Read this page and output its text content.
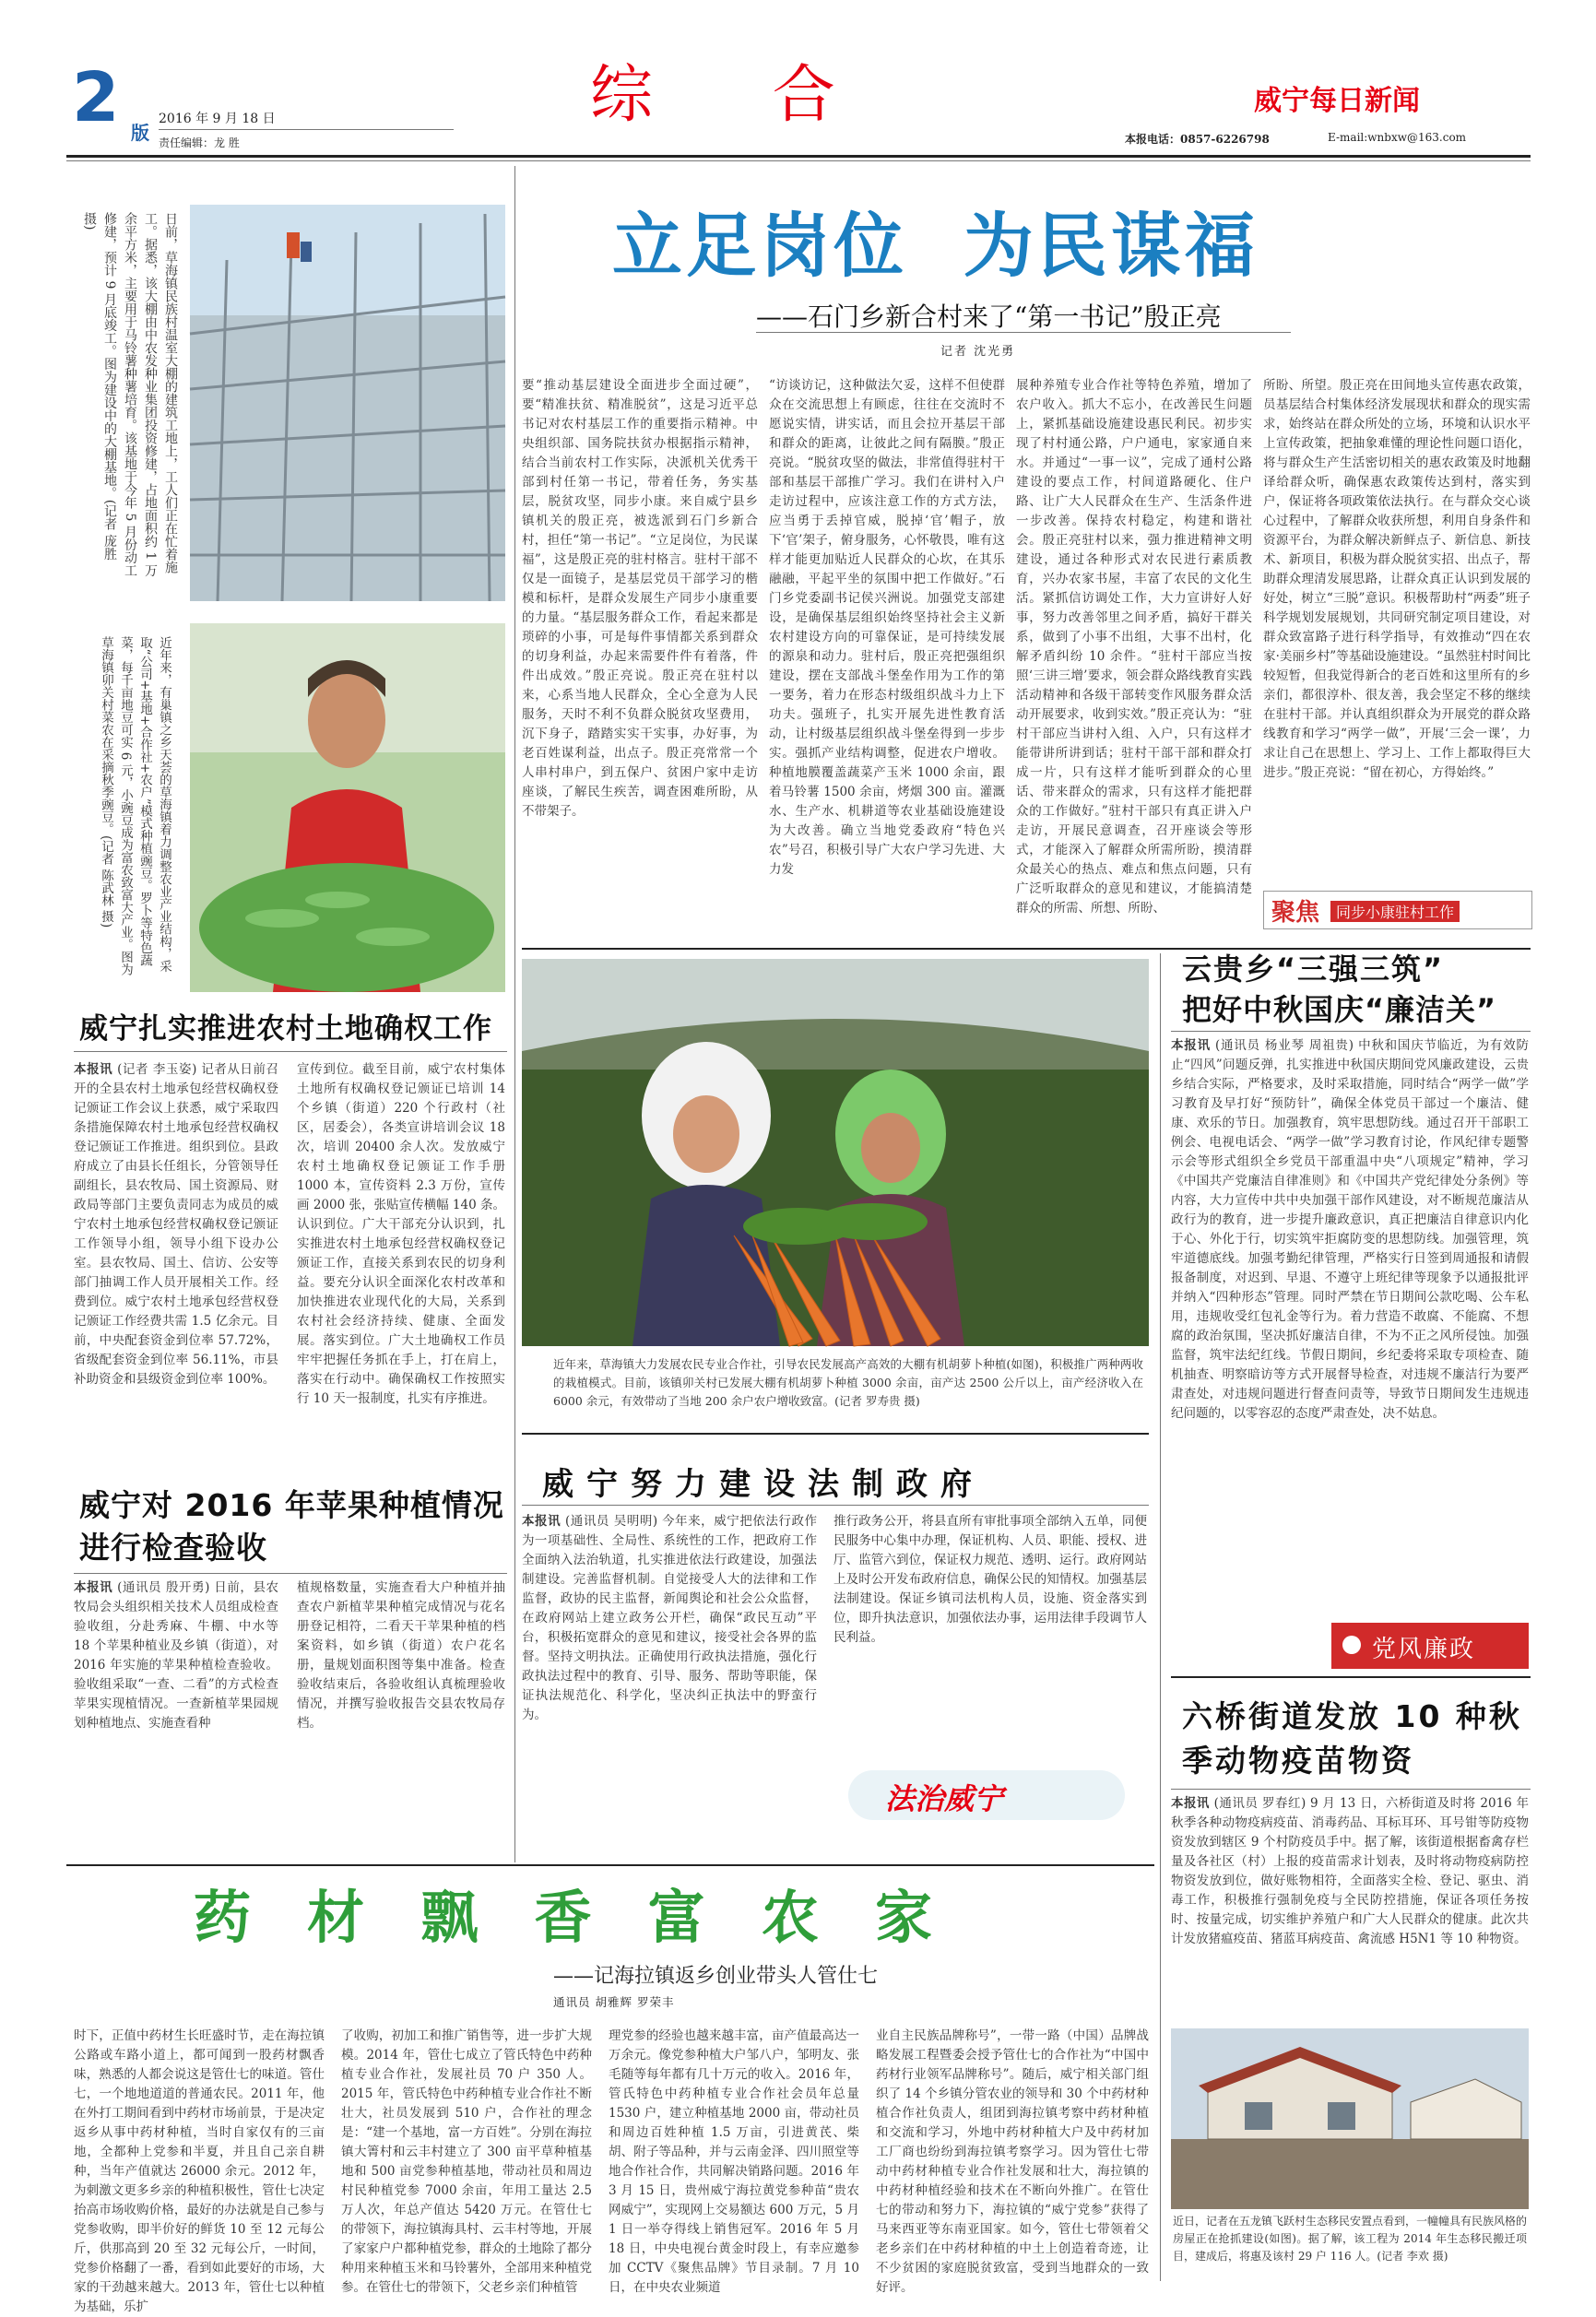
2 版
2016 年 9 月 18 日
责任编辑：龙 胜
综      合	威宁每日新闻
本报电话：0857-6226798	E-mail:wnbxw@163.com
日前，草海镇民族村温室大棚的建筑工地上，工人们正在忙着施工。据悉，该大棚由中农发种业集团投资修建，占地面积约 1 万余平方米，主要用于马铃薯种薯培育。该基地于今年 5 月份动工修建，预计 9 月底竣工。图为建设中的大棚基地。(记者 庞胜 摄)
近年来，有巢镇之乡天荟的草海镇着力调整农业产业结构，采取“公司+基地+合作社+农户”模式种植豌豆。罗卜等特色蔬菜，每千亩地豆可实 6 元，小豌豆成为富农致富大产业。图为草海镇卯关村菜农在采摘秋季豌豆。(记者 陈武林 摄)
立足岗位  为民谋福
——石门乡新合村来了“第一书记”殷正亮
记者 沈光勇
要“推动基层建设全面进步全面过硬”，要“精准扶贫、精准脱贫”，这是习近平总书记对农村基层工作的重要指示精神。中央组织部、国务院扶贫办根据指示精神，结合当前农村工作实际，决派机关优秀干部到村任第一书记，带着任务，务实基层，脱贫攻坚，同步小康。来自威宁县乡镇机关的殷正亮，被选派到石门乡新合村，担任“第一书记”。“立足岗位，为民谋福”，这是殷正亮的驻村格言。驻村干部不仅是一面镜子，是基层党员干部学习的楷模和标杆，是群众发展生产同步小康重要的力量。“基层服务群众工作，看起来都是琐碎的小事，可是每件事情都关系到群众的切身利益，办起来需要件件有着落，件件出成效。”殷正亮说。殷正亮在驻村以来，心系当地人民群众，全心全意为人民服务，天时不利不负群众脱贫攻坚费用，沉下身子，踏踏实实干实事，办好事，为老百姓谋利益，出点子。殷正亮常常一个人串村串户，到五保户、贫困户家中走访座谈，了解民生疾苦，调查困难所盼，从不带架子。
“访谈访记，这种做法欠妥，这样不但使群众在交流思想上有顾虑，往往在交流时不愿说实情，讲实话，而且会拉开基层干部和群众的距离，让彼此之间有隔膜。”殷正亮说。“脱贫攻坚的做法，非常值得驻村干部和基层干部推广学习。我们在讲村入户走访过程中，应该注意工作的方式方法，应当勇于丢掉官威，脱掉‘官’帽子，放下‘官’架子，俯身服务，心怀敬畏，唯有这样才能更加贴近人民群众的心坎，在其乐融融，平起平坐的氛围中把工作做好。”石门乡党委副书记侯兴洲说。加强党支部建设，是确保基层组织始终坚持社会主义新农村建设方向的可靠保证，是可持续发展的源泉和动力。驻村后，殷正亮把强组织建设，摆在支部战斗堡垒作用为工作的第一要务，着力在形态村级组织战斗力上下功夫。强班子，扎实开展先进性教育活动，让村级基层组织战斗堡垒得到一步步实。强抓产业结构调整，促进农户增收。种植地膜覆盖蔬菜产玉米 1000 余亩，跟着马铃薯 1500 余亩，烤烟 300 亩。灌溉水、生产水、机耕道等农业基础设施建设为大改善。确立当地党委政府“特色兴农”号召，积极引导广大农户学习先进、大力发
展种养殖专业合作社等特色养殖，增加了农户收入。抓大不忘小，在改善民生问题上，紧抓基础设施建设惠民利民。初步实现了村村通公路，户户通电，家家通自来水。并通过“一事一议”，完成了通村公路建设的要点工作，村间道路硬化、住户路、让广大人民群众在生产、生活条件进一步改善。保持农村稳定，构建和谐社会。殷正亮驻村以来，强力推进精神文明建设，通过各种形式对农民进行素质教育，兴办农家书屋，丰富了农民的文化生活。紧抓信访调处工作，大力宣讲好人好事，努力改善邻里之间矛盾，搞好干群关系，做到了小事不出组，大事不出村，化解矛盾纠纷 10 余件。“驻村干部应当按照‘三讲三增’要求，领会群众路线教育实践活动精神和各级干部转变作风服务群众活动开展要求，收到实效。”殷正亮认为：“驻村干部应当讲村入组、入户，只有这样才能带讲所讲到话；驻村干部干部和群众打成一片，只有这样才能听到群众的心里话、带来群众的需求，只有这样才能把群众的工作做好。”驻村干部只有真正讲入户走访，开展民意调查，召开座谈会等形式，才能深入了解群众所需所盼，摸清群众最关心的热点、难点和焦点问题，只有广泛听取群众的意见和建议，才能搞清楚群众的所需、所想、所盼、
所盼、所望。殷正亮在田间地头宣传惠农政策，员基层结合村集体经济发展现状和群众的现实需求，始终站在群众所处的立场，环境和认识水平上宣传政策，把抽象难懂的理论性问题口语化，将与群众生产生活密切相关的惠农政策及时地翻译给群众听，确保惠农政策传达到村，落实到户，保证将各项政策依法执行。在与群众交心谈心过程中，了解群众收获所想，利用自身条件和资源平台，为群众解决新鲜点子、新信息、新技术、新项目，积极为群众脱贫实招、出点子，帮助群众理清发展思路，让群众真正认识到发展的好处，树立“三脱”意识。积极帮助村“两委”班子科学规划发展规划，共同研究制定项目建设，对群众致富路子进行科学指导，有效推动“四在农家·美丽乡村”等基础设施建设。“虽然驻村时间比较短暂，但我觉得新合的老百姓和这里所有的乡亲们，都很淳朴、很友善，我会坚定不移的继续在驻村干部。并认真组织群众为开展党的群众路线教育和学习“两学一做”，开展‘三会一课’，力求让自己在思想上、学习上、工作上都取得巨大进步。”殷正亮说：“留在初心，方得始终。”
聚焦	同步小康驻村工作
威宁扎实推进农村土地确权工作
本报讯 (记者 李玉姿) 记者从日前召开的全县农村土地承包经营权确权登记颁证工作会议上获悉，威宁采取四条措施保障农村土地承包经营权确权登记颁证工作推进。组织到位。县政府成立了由县长任组长，分管领导任副组长，县农牧局、国土资源局、财政局等部门主要负责同志为成员的威宁农村土地承包经营权确权登记颁证工作领导小组，领导小组下设办公室。县农牧局、国土、信访、公安等部门抽调工作人员开展相关工作。经费到位。威宁农村土地承包经营权登记颁证工作经费共需 1.5 亿余元。目前，中央配套资金到位率 57.72%，省级配套资金到位率 56.11%，市县补助资金和县级资金到位率 100%。
宣传到位。截至目前，威宁农村集体土地所有权确权登记颁证已培训 14 个乡镇（街道）220 个行政村（社区，居委会），各类宣讲培训会议 18 次，培训 20400 余人次。发放威宁农村土地确权登记颁证工作手册 1000 本，宣传资料 2.3 万份，宣传画 2000 张，张贴宣传横幅 140 条。认识到位。广大干部充分认识到，扎实推进农村土地承包经营权确权登记颁证工作，直接关系到农民的切身利益。要充分认识全面深化农村改革和加快推进农业现代化的大局，关系到农村社会经济持续、健康、全面发展。落实到位。广大土地确权工作员牢牢把握任务抓在手上，打在肩上，落实在行动中。确保确权工作按照实行 10 天一报制度，扎实有序推进。
近年来，草海镇大力发展农民专业合作社，引导农民发展高产高效的大棚有机胡萝卜种植(如图)，积极推广两种两收的栽植模式。目前，该镇卯关村已发展大棚有机胡萝卜种植 3000 余亩，亩产达 2500 公斤以上，亩产经济收入在 6000 余元，有效带动了当地 200 余户农户增收致富。(记者 罗寿贵 摄)
云贵乡“三强三筑”
把好中秋国庆“廉洁关”
本报讯 (通讯员 杨业琴 周祖贵) 中秋和国庆节临近，为有效防止“四风”问题反弹，扎实推进中秋国庆期间党风廉政建设，云贵乡结合实际，严格要求，及时采取措施，同时结合“两学一做”学习教育及早打好“预防针”，确保全体党员干部过一个廉洁、健康、欢乐的节日。加强教育，筑牢思想防线。通过召开干部职工例会、电视电话会、“两学一做”学习教育讨论，作风纪律专题警示会等形式组织全乡党员干部重温中央“八项规定”精神，学习《中国共产党廉洁自律准则》和《中国共产党纪律处分条例》等内容，大力宣传中共中央加强干部作风建设，对不断规范廉洁从政行为的教育，进一步提升廉政意识，真正把廉洁自律意识内化于心、外化于行，切实筑牢拒腐防变的思想防线。加强管理，筑牢道德底线。加强考勤纪律管理，严格实行日签到周通报和请假报备制度，对迟到、早退、不遵守上班纪律等现象予以通报批评并纳入“四种形态”管理。同时严禁在节日期间公款吃喝、公车私用，违规收受红包礼金等行为。着力营造不敢腐、不能腐、不想腐的政治氛围，坚决抓好廉洁自律，不为不正之风所侵蚀。加强监督，筑牢法纪红线。节假日期间，乡纪委将采取专项检查、随机抽查、明察暗访等方式开展督导检查，对违规不廉洁行为要严肃查处，对违规问题进行督查问责等，导致节日期间发生违规违纪问题的，以零容忍的态度严肃查处，决不姑息。
党风廉政
威宁对 2016 年苹果种植情况进行检查验收
本报讯 (通讯员 殷开勇) 日前，县农牧局会头组织相关技术人员组成检查验收组，分赴秀麻、牛棚、中水等 18 个苹果种植业及乡镇（街道），对 2016 年实施的苹果种植检查验收。验收组采取“一查、二看”的方式检查苹果实现植情况。一查新植苹果园规划种植地点、实施查看种
植规格数量，实施查看大户种植并抽查农户新植苹果种植完成情况与花名册登记相符，二看天干苹果种植的档案资料，如乡镇（街道）农户花名册，量规划面积图等集中准备。检查验收结束后，各验收组认真梳理验收情况，并撰写验收报告交县农牧局存档。
威宁努力建设法制政府
本报讯 (通讯员 吴明明) 今年来，威宁把依法行政作为一项基础性、全局性、系统性的工作，把政府工作全面纳入法治轨道，扎实推进依法行政建设，加强法制建设。完善监督机制。自觉接受人大的法律和工作监督，政协的民主监督，新闻舆论和社会公众监督，在政府网站上建立政务公开栏，确保“政民互动”平台，积极拓宽群众的意见和建议，接受社会各界的监督。坚持文明执法。正确使用行政执法措施，强化行政执法过程中的教育、引导、服务、帮助等职能，保证执法规范化、科学化，坚决纠正执法中的野蛮行为。
推行政务公开，将县直所有审批事项全部纳入五单，同便民服务中心集中办理，保证机构、人员、职能、授权、进厅、监管六到位，保证权力规范、透明、运行。政府网站上及时公开发布政府信息，确保公民的知情权。加强基层法制建设。保证乡镇司法机构人员，设施、资金落实到位，即升执法意识，加强依法办事，运用法律手段调节人民利益。
法治威宁
六桥街道发放 10 种秋季动物疫苗物资
本报讯 (通讯员 罗春红) 9 月 13 日，六桥街道及时将 2016 年秋季各种动物疫病疫苗、消毒药品、耳标耳环、耳号钳等防疫物资发放到辖区 9 个村防疫员手中。据了解，该街道根据畜禽存栏量及各社区（村）上报的疫苗需求计划表，及时将动物疫病防控物资发放到位，做好账物相符，全面落实全检、登记、驱虫、消毒工作，积极推行强制免疫与全民防控措施，保证各项任务按时、按量完成，切实维护养殖户和广大人民群众的健康。此次共计发放猪瘟疫苗、猪蓝耳病疫苗、禽流感 H5N1 等 10 种物资。
近日，记者在五龙镇飞跃村生态移民安置点看到，一幢幢具有民族风格的房屋正在抢抓建设(如图)。据了解，该工程为 2014 年生态移民搬迁项目，建成后，将惠及该村 29 户 116 人。(记者 李欢 摄)
药  材  飘  香  富  农  家
——记海拉镇返乡创业带头人管仕七
通讯员 胡雅辉 罗荣丰
时下，正值中药材生长旺盛时节，走在海拉镇公路或车路小道上，都可闻到一股药材飘香味，熟悉的人都会说这是管仕七的味道。管仕七，一个地地道道的普通农民。2011 年，他在外打工期间看到中药材市场前景，于是决定返乡从事中药材种植，当时自家仅有的三亩地，全都种上党参和半夏，并且自己亲自耕种，当年产值就达 26000 余元。2012 年，为刺激文更多乡亲的种植积极性，管仕七决定抬高市场收购价格，最好的办法就是自己参与党参收购，即半价好的鲜货 10 至 12 元每公斤，供那高到 20 至 32 元每公斤，一时间，党参价格翻了一番，看到如此要好的市场，大家的干劲越来越大。2013 年，管仕七以种植为基础，乐扩
了收购，初加工和推广销售等，进一步扩大规模。2014 年，管仕七成立了管氏特色中药种植专业合作社，发展社员 70 户 350 人。2015 年，管氏特色中药种植专业合作社不断壮大，社员发展到 510 户，合作社的理念是：“建一个基地，富一方百姓”。分别在海拉镇大箐村和云丰村建立了 300 亩平草种植基地和 500 亩党参种植基地，带动社员和周边村民种植党参 7000 余亩，年用工量达 2.5 万人次，年总产值达 5420 万元。在管仕七的带领下，海拉镇海具村、云丰村等地，开展了家家户户都种植党参，群众的土地除了都分种用来种植玉米和马铃薯外，全部用来种植党参。在管仕七的带领下，父老乡亲们种植管
理党参的经验也越来越丰富，亩产值最高达一万余元。像党参种植大户邹八户，邹明友、张毛随等每年都有几十万元的收入。2016 年，管氏特色中药种植专业合作社会员年总量 1530 户，建立种植基地 2000 亩，带动社员和周边百姓种植 1.5 万亩，引进黄芪、柴胡、附子等品种，并与云南金泽、四川照堂等地合作社合作，共同解决销路问题。2016 年 3 月 15 日，贵州威宁海拉黄党参种苗“贵农网威宁”，实现网上交易额达 600 万元，5 月 1 日一举夺得线上销售冠军。2016 年 5 月 18 日，中央电视台黄金时段上，有幸应邀参加 CCTV《聚焦品牌》节目录制。7 月 10 日，在中央农业频道
业自主民族品牌称号”，一带一路（中国）品牌战略发展工程暨委会授予管仕七的合作社为“中国中药材行业领军品牌称号”。随后，威宁相关部门组织了 14 个乡镇分管农业的领导和 30 个中药材种植合作社负责人，组团到海拉镇考察中药材种植和交流和学习，外地中药材种植大户及中药材加工厂商也纷纷到海拉镇考察学习。因为管仕七带动中药材种植专业合作社发展和壮大，海拉镇的中药材种植经验和技术在不断向外推广。在管仕七的带动和努力下，海拉镇的“威宁党参”获得了马来西亚等东南亚国家。如今，管仕七带领着父老乡亲们在中药材种植的中土上创造着奇迹，让不少贫困的家庭脱贫致富，受到当地群众的一致好评。
